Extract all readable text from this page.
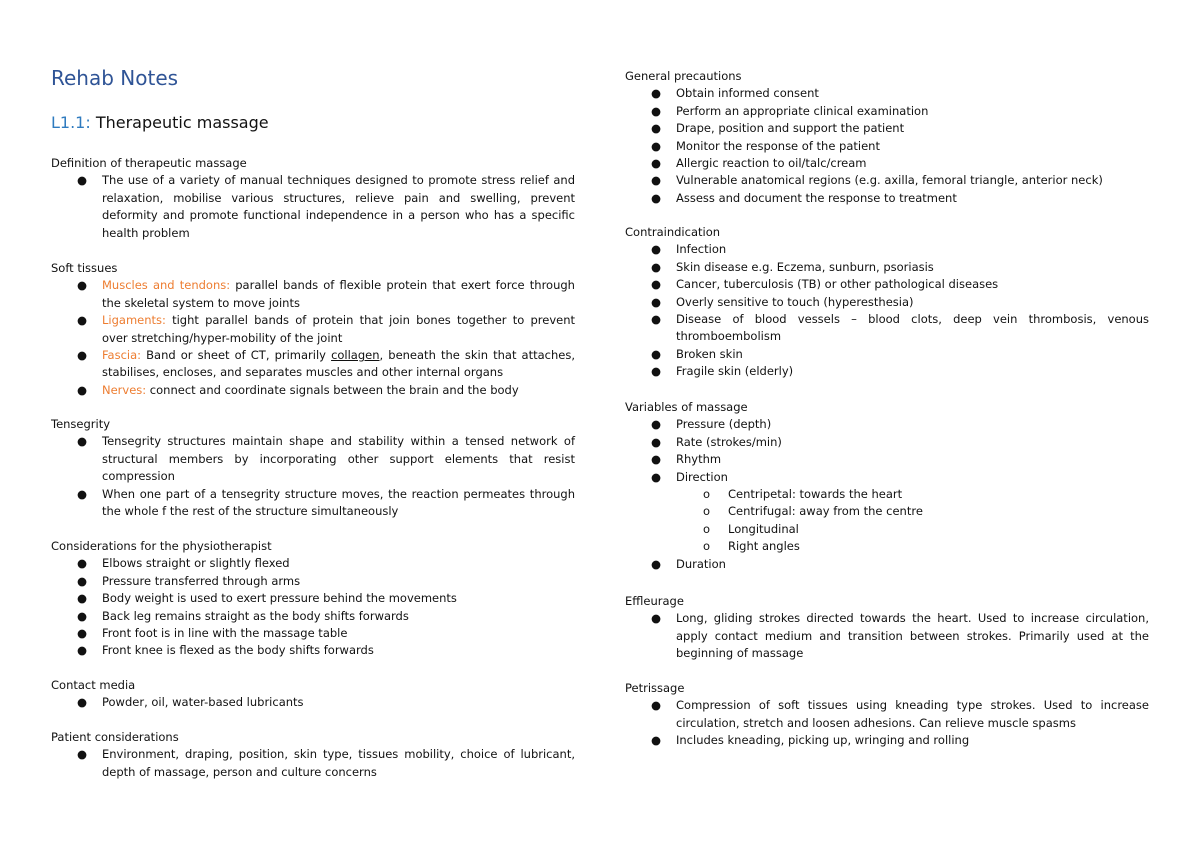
Rehab Notes
L1.1: Therapeutic massage
Definition of therapeutic massage
● The use of a variety of manual techniques designed to promote stress relief and relaxation, mobilise various structures, relieve pain and swelling, prevent deformity and promote functional independence in a person who has a specific health problem
Soft tissues
● Muscles and tendons: parallel bands of flexible protein that exert force through the skeletal system to move joints
● Ligaments: tight parallel bands of protein that join bones together to prevent over stretching/hyper-mobility of the joint
● Fascia: Band or sheet of CT, primarily collagen, beneath the skin that attaches, stabilises, encloses, and separates muscles and other internal organs
● Nerves: connect and coordinate signals between the brain and the body
Tensegrity
● Tensegrity structures maintain shape and stability within a tensed network of structural members by incorporating other support elements that resist compression
● When one part of a tensegrity structure moves, the reaction permeates through the whole f the rest of the structure simultaneously
Considerations for the physiotherapist
● Elbows straight or slightly flexed
● Pressure transferred through arms
● Body weight is used to exert pressure behind the movements
● Back leg remains straight as the body shifts forwards
● Front foot is in line with the massage table
● Front knee is flexed as the body shifts forwards
Contact media
● Powder, oil, water-based lubricants
Patient considerations
● Environment, draping, position, skin type, tissues mobility, choice of lubricant, depth of massage, person and culture concerns
General precautions
● Obtain informed consent
● Perform an appropriate clinical examination
● Drape, position and support the patient
● Monitor the response of the patient
● Allergic reaction to oil/talc/cream
● Vulnerable anatomical regions (e.g. axilla, femoral triangle, anterior neck)
● Assess and document the response to treatment
Contraindication
● Infection
● Skin disease e.g. Eczema, sunburn, psoriasis
● Cancer, tuberculosis (TB) or other pathological diseases
● Overly sensitive to touch (hyperesthesia)
● Disease of blood vessels – blood clots, deep vein thrombosis, venous thromboembolism
● Broken skin
● Fragile skin (elderly)
Variables of massage
● Pressure (depth)
● Rate (strokes/min)
● Rhythm
● Direction
o Centripetal: towards the heart
o Centrifugal: away from the centre
o Longitudinal
o Right angles
● Duration
Effleurage
● Long, gliding strokes directed towards the heart. Used to increase circulation, apply contact medium and transition between strokes. Primarily used at the beginning of massage
Petrissage
● Compression of soft tissues using kneading type strokes. Used to increase circulation, stretch and loosen adhesions. Can relieve muscle spasms
● Includes kneading, picking up, wringing and rolling
